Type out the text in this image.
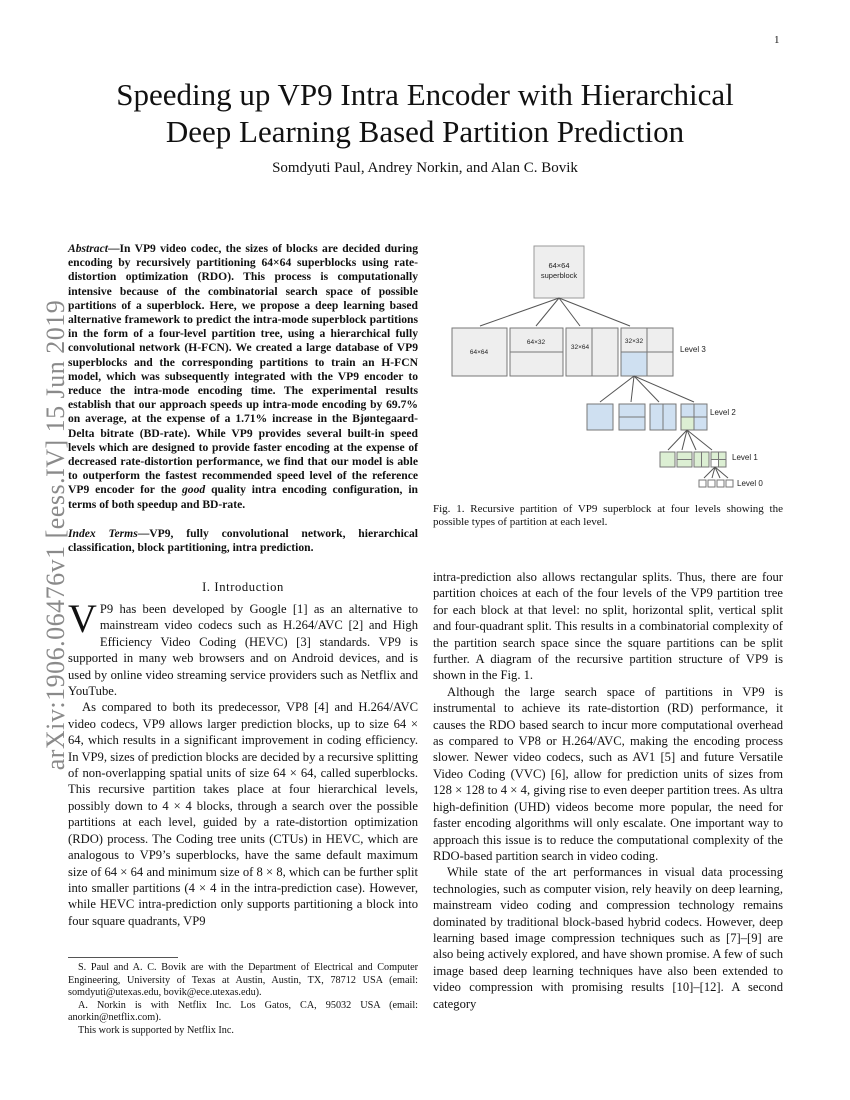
1
arXiv:1906.06476v1 [eess.IV] 15 Jun 2019
Speeding up VP9 Intra Encoder with Hierarchical
Deep Learning Based Partition Prediction
Somdyuti Paul, Andrey Norkin, and Alan C. Bovik
Abstract—In VP9 video codec, the sizes of blocks are decided during encoding by recursively partitioning 64×64 superblocks using rate-distortion optimization (RDO). This process is computationally intensive because of the combinatorial search space of possible partitions of a superblock. Here, we propose a deep learning based alternative framework to predict the intra-mode superblock partitions in the form of a four-level partition tree, using a hierarchical fully convolutional network (H-FCN). We created a large database of VP9 superblocks and the corresponding partitions to train an H-FCN model, which was subsequently integrated with the VP9 encoder to reduce the intra-mode encoding time. The experimental results establish that our approach speeds up intra-mode encoding by 69.7% on average, at the expense of a 1.71% increase in the Bjøntegaard-Delta bitrate (BD-rate). While VP9 provides several built-in speed levels which are designed to provide faster encoding at the expense of decreased rate-distortion performance, we find that our model is able to outperform the fastest recommended speed level of the reference VP9 encoder for the good quality intra encoding configuration, in terms of both speedup and BD-rate.
Index Terms—VP9, fully convolutional network, hierarchical classification, block partitioning, intra prediction.
I. Introduction

V P9 has been developed by Google [1] as an alternative to mainstream video codecs such as H.264/AVC [2] and High Efficiency Video Coding (HEVC) [3] standards. VP9 is supported in many web browsers and on Android devices, and is used by online video streaming service providers such as Netflix and YouTube.

As compared to both its predecessor, VP8 [4] and H.264/AVC video codecs, VP9 allows larger prediction blocks, up to size 64 × 64, which results in a significant improvement in coding efficiency. In VP9, sizes of prediction blocks are decided by a recursive splitting of non-overlapping spatial units of size 64 × 64, called superblocks. This recursive partition takes place at four hierarchical levels, possibly down to 4 × 4 blocks, through a search over the possible partitions at each level, guided by a rate-distortion optimization (RDO) process. The Coding tree units (CTUs) in HEVC, which are analogous to VP9’s superblocks, have the same default maximum size of 64 × 64 and minimum size of 8 × 8, which can be further split into smaller partitions (4 × 4 in the intra-prediction case). However, while HEVC intra-prediction only supports partitioning a block into four square quadrants, VP9

S. Paul and A. C. Bovik are with the Department of Electrical and Computer Engineering, University of Texas at Austin, Austin, TX, 78712 USA (email: somdyuti@utexas.edu, bovik@ece.utexas.edu).

A. Norkin is with Netflix Inc. Los Gatos, CA, 95032 USA (email: anorkin@netflix.com).

This work is supported by Netflix Inc.

64×64
superblock
64×64
64×32
32×64
32×32
Level 3
Level 2
Level 1
Level 0
Fig. 1. Recursive partition of VP9 superblock at four levels showing the possible types of partition at each level.

intra-prediction also allows rectangular splits. Thus, there are four partition choices at each of the four levels of the VP9 partition tree for each block at that level: no split, horizontal split, vertical split and four-quadrant split. This results in a combinatorial complexity of the partition search space since the square partitions can be split further. A diagram of the recursive partition structure of VP9 is shown in the Fig. 1.

Although the large search space of partitions in VP9 is instrumental to achieve its rate-distortion (RD) performance, it causes the RDO based search to incur more computational overhead as compared to VP8 or H.264/AVC, making the encoding process slower. Newer video codecs, such as AV1 [5] and future Versatile Video Coding (VVC) [6], allow for prediction units of sizes from 128 × 128 to 4 × 4, giving rise to even deeper partition trees. As ultra high-definition (UHD) videos become more popular, the need for faster encoding algorithms will only escalate. One important way to approach this issue is to reduce the computational complexity of the RDO-based partition search in video coding.

While state of the art performances in visual data processing technologies, such as computer vision, rely heavily on deep learning, mainstream video coding and compression technology remains dominated by traditional block-based hybrid codecs. However, deep learning based image compression techniques such as [7]–[9] are also being actively explored, and have shown promise. A few of such image based deep learning techniques have also been extended to video compression with promising results [10]–[12]. A second category
